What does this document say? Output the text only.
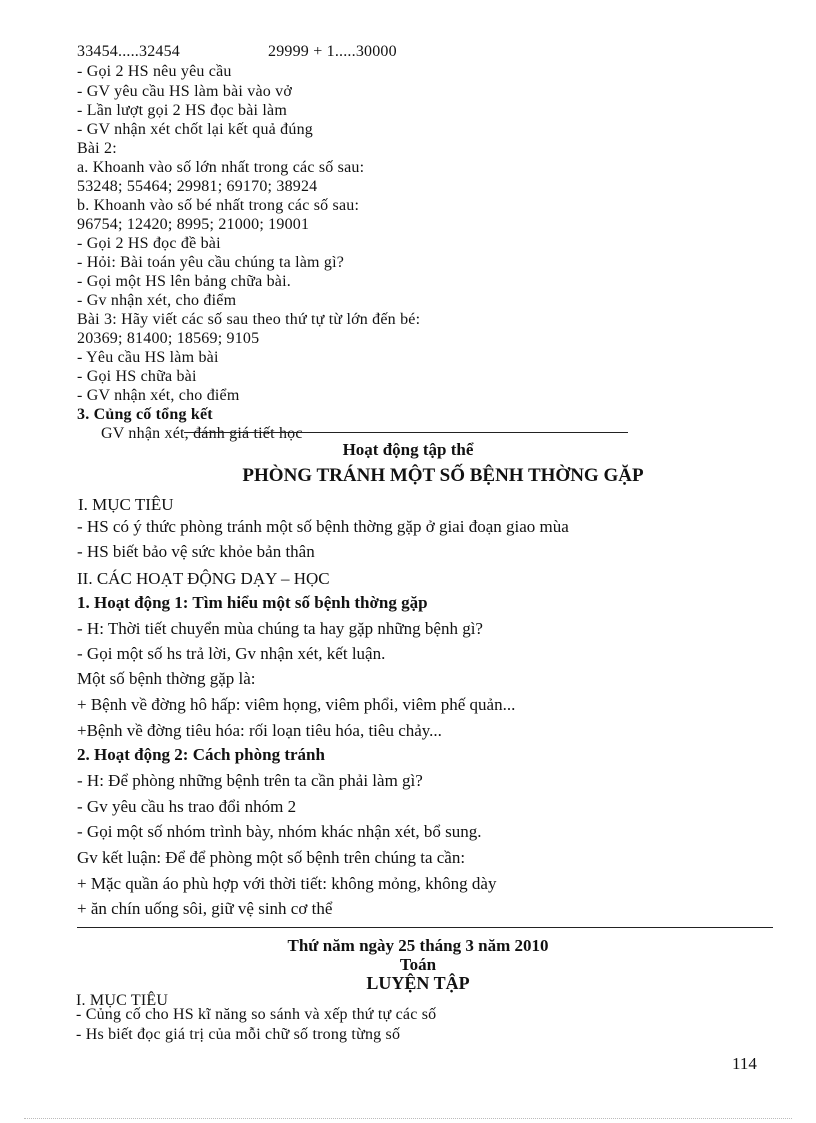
33454.....32454	29999 + 1.....30000
- Gọi 2 HS nêu yêu cầu
- GV yêu cầu HS làm bài vào vở
- Lần lượt gọi 2 HS đọc bài làm
- GV nhận xét chốt lại kết quả đúng
Bài 2:
a. Khoanh vào số lớn nhất trong các số sau:
53248; 55464; 29981; 69170; 38924
b. Khoanh vào số bé nhất trong các số sau:
96754; 12420; 8995; 21000; 19001
- Gọi 2 HS đọc đề bài
- Hỏi: Bài toán yêu cầu chúng ta làm gì?
- Gọi một HS lên bảng chữa bài.
- Gv nhận xét, cho điểm
Bài 3: Hãy viết các số sau theo thứ tự từ lớn đến bé:
20369; 81400; 18569; 9105
- Yêu cầu HS làm bài
- Gọi HS chữa bài
- GV nhận xét, cho điểm
3. Củng cố tổng kết
GV nhận xét, đánh giá tiết học
Hoạt động tập thể
PHÒNG TRÁNH MỘT SỐ BỆNH THỜNG GẶP
I. MỤC TIÊU
- HS có ý thức phòng tránh một số bệnh thờng gặp ở giai đoạn giao mùa
- HS biết bảo vệ sức khỏe bản thân
II. CÁC HOẠT ĐỘNG DẠY – HỌC
1. Hoạt động 1: Tìm hiểu một số bệnh thờng gặp
- H: Thời tiết chuyển mùa chúng ta hay gặp những bệnh gì?
- Gọi một số hs trả lời, Gv nhận xét, kết luận.
Một số bệnh thờng gặp là:
+ Bệnh về đờng hô hấp: viêm họng, viêm phổi, viêm phế quản...
+Bệnh về đờng tiêu hóa: rối loạn tiêu hóa, tiêu chảy...
2. Hoạt động 2: Cách phòng tránh
- H: Để phòng những bệnh trên ta cần phải làm gì?
- Gv yêu cầu hs trao đổi nhóm 2
- Gọi một số nhóm trình bày, nhóm khác nhận xét, bổ sung.
Gv kết luận: Để để phòng một số bệnh trên chúng ta cần:
+ Mặc quần áo phù hợp với thời tiết: không mỏng, không dày
+ ăn chín uống sôi, giữ vệ sinh cơ thể
Thứ năm ngày 25 tháng 3 năm 2010
Toán
LUYỆN TẬP
I. MỤC TIÊU
- Củng cố cho HS kĩ năng so sánh và xếp thứ tự các số
- Hs biết đọc giá trị của mỗi chữ số trong từng số
114
